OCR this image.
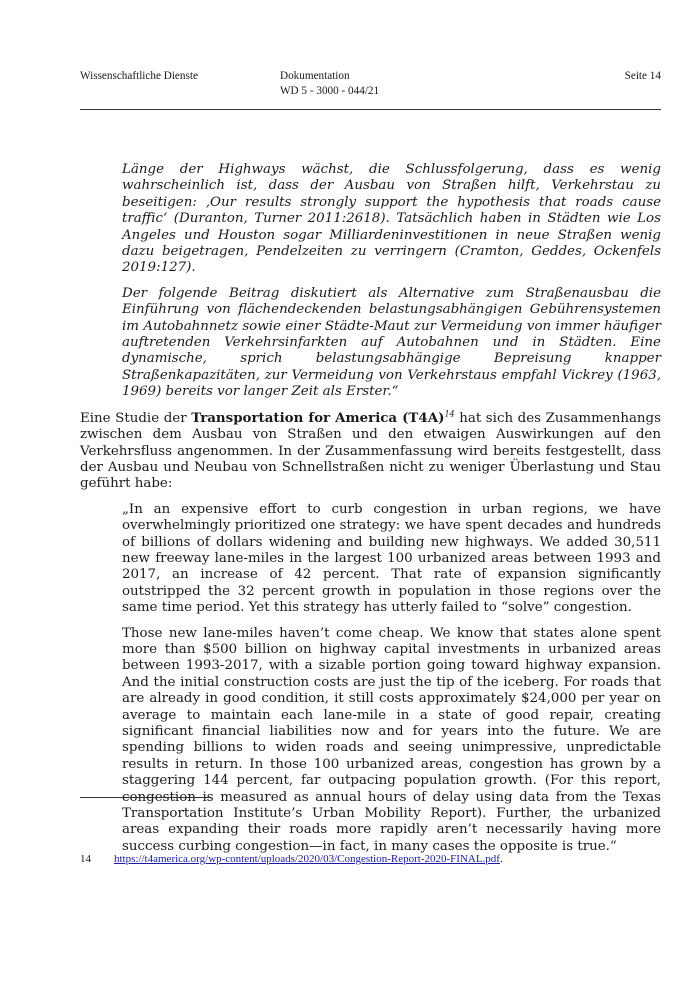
Wissenschaftliche Dienste	Dokumentation
WD 5 - 3000 - 044/21
Seite 14
Länge der Highways wächst, die Schlussfolgerung, dass es wenig wahrscheinlich ist, dass der Ausbau von Straßen hilft, Verkehrstau zu beseitigen: ‚Our results strongly support the hypothesis that roads cause traffic‘ (Duranton, Turner 2011:2618). Tatsächlich haben in Städten wie Los Angeles und Houston sogar Milliardeninvestitionen in neue Straßen wenig dazu beigetragen, Pendelzeiten zu verringern (Cramton, Geddes, Ockenfels 2019:127).
Der folgende Beitrag diskutiert als Alternative zum Straßenausbau die Einführung von flächendeckenden belastungsabhängigen Gebührensystemen im Autobahnnetz sowie einer Städte-Maut zur Vermeidung von immer häufiger auftretenden Verkehrsinfarkten auf Autobahnen und in Städten. Eine dynamische, sprich belastungsabhängige Bepreisung knapper Straßenkapazitäten, zur Vermeidung von Verkehrstaus empfahl Vickrey (1963, 1969) bereits vor langer Zeit als Erster.“
Eine Studie der Transportation for America $(T4A)^{14}$ hat sich des Zusammenhangs zwischen dem Ausbau von Straßen und den etwaigen Auswirkungen auf den Verkehrsfluss angenommen. In der Zusammenfassung wird bereits festgestellt, dass der Ausbau und Neubau von Schnellstraßen nicht zu weniger Überlastung und Stau geführt habe:
„In an expensive effort to curb congestion in urban regions, we have overwhelmingly prioritized one strategy: we have spent decades and hundreds of billions of dollars widening and building new highways. We added 30,511 new freeway lane-miles in the largest 100 urbanized areas between 1993 and 2017, an increase of 42 percent. That rate of expansion significantly outstripped the 32 percent growth in population in those regions over the same time period. Yet this strategy has utterly failed to “solve” congestion.
Those new lane-miles haven’t come cheap. We know that states alone spent more than $500 billion on highway capital investments in urbanized areas between 1993-2017, with a sizable portion going toward highway expansion. And the initial construction costs are just the tip of the iceberg. For roads that are already in good condition, it still costs approximately $24,000 per year on average to maintain each lane-mile in a state of good repair, creating significant financial liabilities now and for years into the future. We are spending billions to widen roads and seeing unimpressive, unpredictable results in return. In those 100 urbanized areas, congestion has grown by a staggering 144 percent, far outpacing population growth. (For this report, congestion is measured as annual hours of delay using data from the Texas Transportation Institute’s Urban Mobility Report). Further, the urbanized areas expanding their roads more rapidly aren’t necessarily having more success curbing congestion—in fact, in many cases the opposite is true.“
14 https://t4america.org/wp-content/uploads/2020/03/Congestion-Report-2020-FINAL.pdf.
